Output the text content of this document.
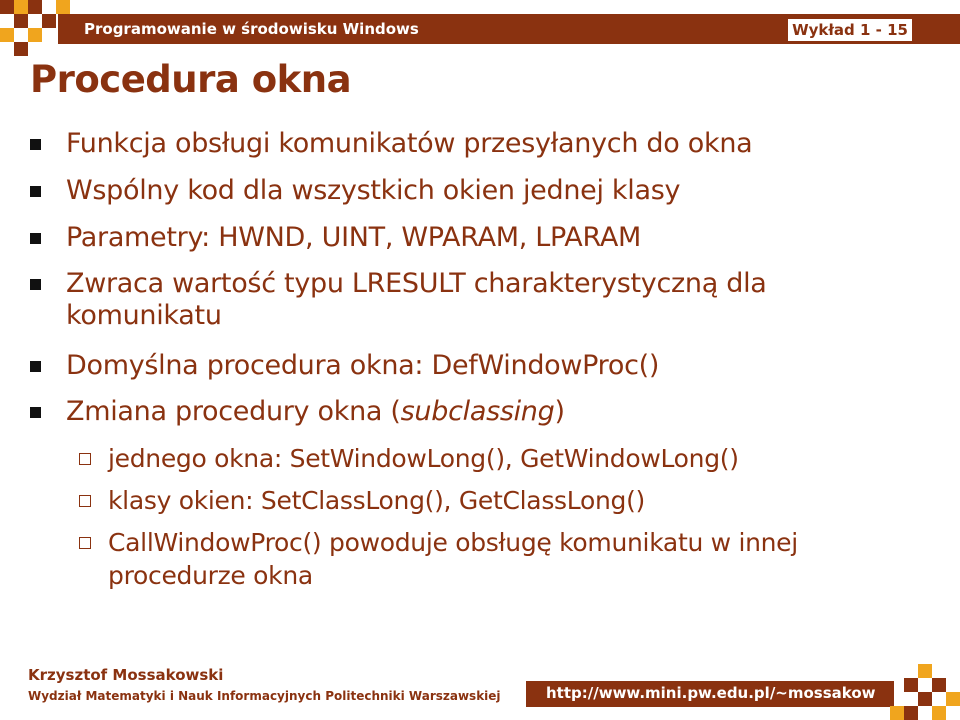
Programowanie w środowisku Windows	Wykład 1 - 15
Procedura okna
Funkcja obsługi komunikatów przesyłanych do okna
Wspólny kod dla wszystkich okien jednej klasy
Parametry: HWND, UINT, WPARAM, LPARAM
Zwraca wartość typu LRESULT charakterystyczną dla komunikatu
Domyślna procedura okna: DefWindowProc()
Zmiana procedury okna (subclassing)
jednego okna: SetWindowLong(), GetWindowLong()
klasy okien: SetClassLong(), GetClassLong()
CallWindowProc() powoduje obsługę komunikatu w innej procedurze okna
Krzysztof Mossakowski
Wydział Matematyki i Nauk Informacyjnych Politechniki Warszawskiej	http://www.mini.pw.edu.pl/~mossakow
